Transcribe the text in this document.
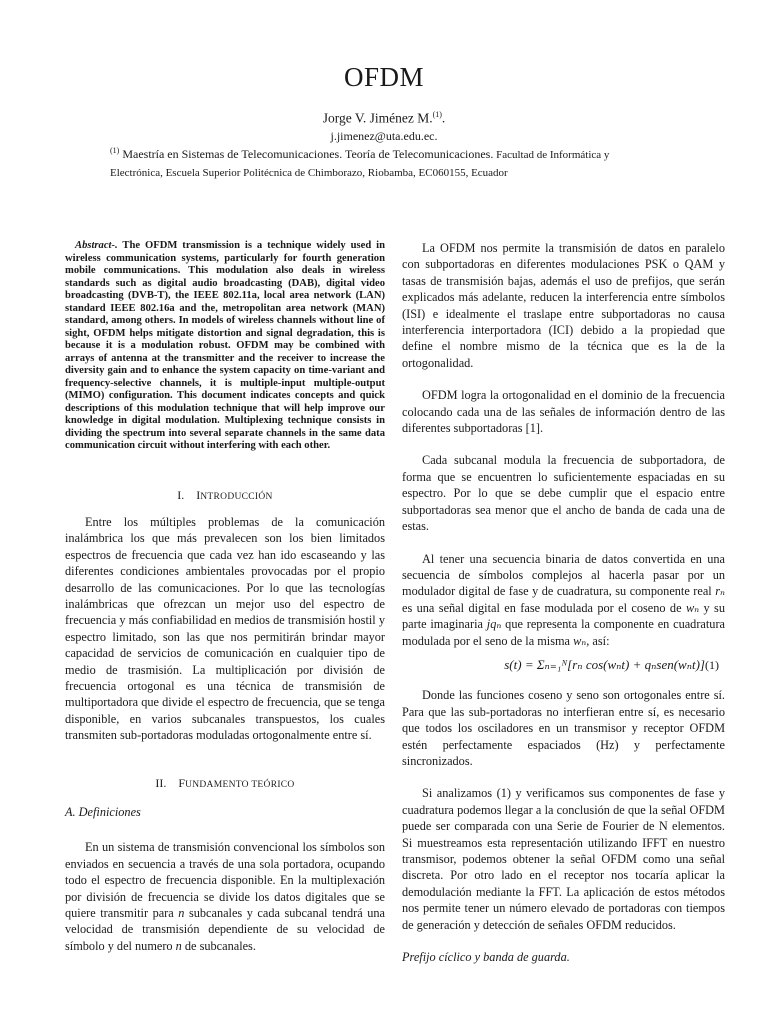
OFDM
Jorge V. Jiménez M.$^{(1)}$.
j.jimenez@uta.edu.ec.
$^{(1)}$ Maestría en Sistemas de Telecomunicaciones. Teoría de Telecomunicaciones. Facultad de Informática y Electrónica, Escuela Superior Politécnica de Chimborazo, Riobamba, EC060155, Ecuador

Abstract-. The OFDM transmission is a technique widely used in wireless communication systems, particularly for fourth generation mobile communications. This modulation also deals in wireless standards such as digital audio broadcasting (DAB), digital video broadcasting (DVB-T), the IEEE 802.11a, local area network (LAN) standard IEEE 802.16a and the, metropolitan area network (MAN) standard, among others. In models of wireless channels without line of sight, OFDM helps mitigate distortion and signal degradation, this is because it is a modulation robust. OFDM may be combined with arrays of antenna at the transmitter and the receiver to increase the diversity gain and to enhance the system capacity on time-variant and frequency-selective channels, it is multiple-input multiple-output (MIMO) configuration. This document indicates concepts and quick descriptions of this modulation technique that will help improve our knowledge in digital modulation. Multiplexing technique consists in dividing the spectrum into several separate channels in the same data communication circuit without interfering with each other.

I. INTRODUCCIÓN

Entre los múltiples problemas de la comunicación inalámbrica los que más prevalecen son los bien limitados espectros de frecuencia que cada vez han ido escaseando y las diferentes condiciones ambientales provocadas por el propio desarrollo de las comunicaciones. Por lo que las tecnologías inalámbricas que ofrezcan un mejor uso del espectro de frecuencia y más confiabilidad en medios de transmisión hostil y espectro limitado, son las que nos permitirán brindar mayor capacidad de servicios de comunicación en cualquier tipo de medio de trasmisión. La multiplicación por división de frecuencia ortogonal es una técnica de transmisión de multiportadora que divide el espectro de frecuencia, que se tenga disponible, en varios subcanales transpuestos, los cuales transmiten sub-portadoras moduladas ortogonalmente entre sí.

II. FUNDAMENTO TEÓRICO

A. Definiciones

En un sistema de transmisión convencional los símbolos son enviados en secuencia a través de una sola portadora, ocupando todo el espectro de frecuencia disponible. En la multiplexación por división de frecuencia se divide los datos digitales que se quiere transmitir para n subcanales y cada subcanal tendrá una velocidad de transmisión dependiente de su velocidad de símbolo y del numero n de subcanales.

La OFDM nos permite la transmisión de datos en paralelo con subportadoras en diferentes modulaciones PSK o QAM y tasas de transmisión bajas, además el uso de prefijos, que serán explicados más adelante, reducen la interferencia entre símbolos (ISI) e idealmente el traslape entre subportadoras no causa interferencia interportadora (ICI) debido a la propiedad que define el nombre mismo de la técnica que es la de la ortogonalidad.

OFDM logra la ortogonalidad en el dominio de la frecuencia colocando cada una de las señales de información dentro de las diferentes subportadoras [1].

Cada subcanal modula la frecuencia de subportadora, de forma que se encuentren lo suficientemente espaciadas en su espectro. Por lo que se debe cumplir que el espacio entre subportadoras sea menor que el ancho de banda de cada una de estas.

Al tener una secuencia binaria de datos convertida en una secuencia de símbolos complejos al hacerla pasar por un modulador digital de fase y de cuadratura, su componente real rₙ es una señal digital en fase modulada por el coseno de wₙ y su parte imaginaria jqₙ que representa la componente en cuadratura modulada por el seno de la misma wₙ, así:

s(t) = Σₙ₌₁ᴺ[rₙ cos(wₙt) + qₙsen(wₙt)](1)

Donde las funciones coseno y seno son ortogonales entre sí. Para que las sub-portadoras no interfieran entre sí, es necesario que todos los osciladores en un transmisor y receptor OFDM estén perfectamente espaciados (Hz) y perfectamente sincronizados.

Si analizamos (1) y verificamos sus componentes de fase y cuadratura podemos llegar a la conclusión de que la señal OFDM puede ser comparada con una Serie de Fourier de N elementos. Si muestreamos esta representación utilizando IFFT en nuestro transmisor, podemos obtener la señal OFDM como una señal discreta. Por otro lado en el receptor nos tocaría aplicar la demodulación mediante la FFT. La aplicación de estos métodos nos permite tener un número elevado de portadoras con tiempos de generación y detección de señales OFDM reducidos.

Prefijo cíclico y banda de guarda.
